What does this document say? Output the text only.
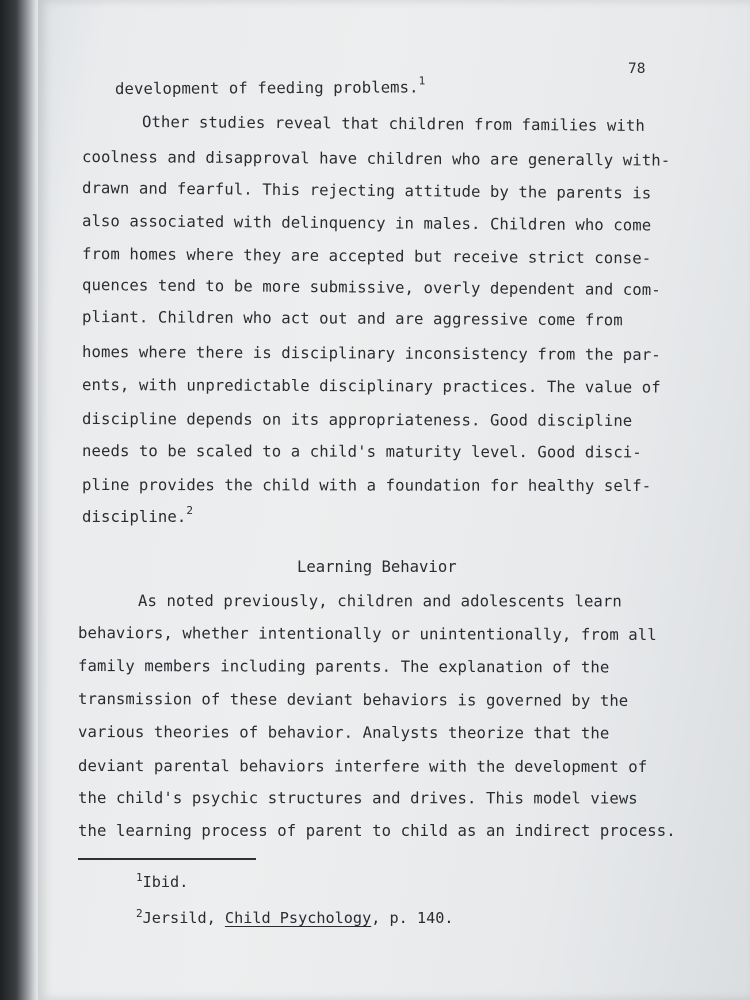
78
development of feeding problems.$^1$
Other studies reveal that children from families with
coolness and disapproval have children who are generally with-
drawn and fearful. This rejecting attitude by the parents is
also associated with delinquency in males. Children who come
from homes where they are accepted but receive strict conse-
quences tend to be more submissive, overly dependent and com-
pliant. Children who act out and are aggressive come from
homes where there is disciplinary inconsistency from the par-
ents, with unpredictable disciplinary practices. The value of
discipline depends on its appropriateness. Good discipline
needs to be scaled to a child's maturity level. Good disci-
pline provides the child with a foundation for healthy self-
discipline.$^2$
Learning Behavior
As noted previously, children and adolescents learn
behaviors, whether intentionally or unintentionally, from all
family members including parents. The explanation of the
transmission of these deviant behaviors is governed by the
various theories of behavior. Analysts theorize that the
deviant parental behaviors interfere with the development of
the child's psychic structures and drives. This model views
the learning process of parent to child as an indirect process.
$^1$Ibid.
$^2$Jersild, Child Psychology, p. 140.
